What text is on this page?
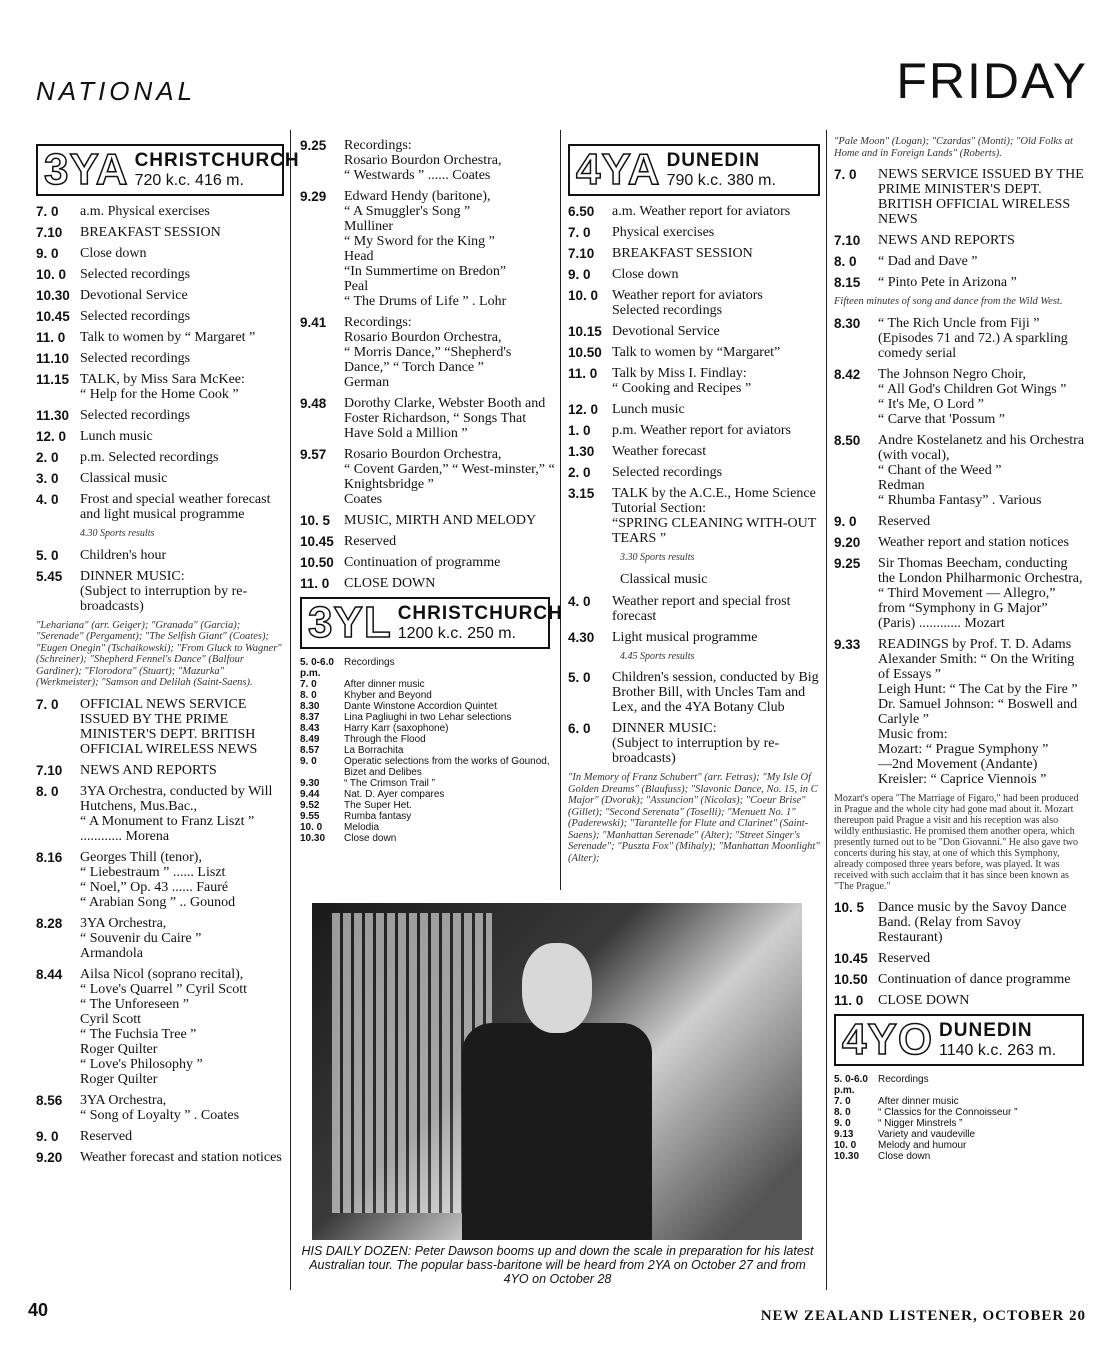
NATIONAL	FRIDAY
3YA CHRISTCHURCH
720 k.c. 416 m.
7. 0	a.m. Physical exercises
7.10	BREAKFAST SESSION
9. 0	Close down
10. 0 Selected recordings
10.30 Devotional Service
10.45 Selected recordings
11. 0	Talk to women by “ Margaret ”
11.10 Selected recordings
11.15 TALK, by Miss Sara McKee:
“ Help for the Home Cook ”
11.30 Selected recordings
12. 0 Lunch music
2. 0	p.m. Selected recordings
3. 0	Classical music
4. 0	Frost and special weather forecast and light musical programme
4.30 Sports results
5. 0	Children's hour
5.45	DINNER MUSIC:
(Subject to interruption by re-broadcasts)
"Lehariana" (arr. Geiger); "Granada" (Garcia); "Serenade" (Pergament); "The Selfish Giant" (Coates); "Eugen Onegin" (Tschaikowski); "From Gluck to Wagner" (Schreiner); "Shepherd Fennel's Dance" (Balfour Gardiner); "Florodora" (Stuart); "Mazurka" (Werkmeister); "Samson and Delilah (Saint-Saens).
7. 0	OFFICIAL NEWS SERVICE ISSUED BY THE PRIME MINISTER'S DEPT. BRITISH OFFICIAL WIRELESS NEWS
7.10	NEWS AND REPORTS
8. 0	3YA Orchestra, conducted by Will Hutchens, Mus.Bac.,
“ A Monument to Franz Liszt ” ............ Morena
8.16	Georges Thill (tenor),
“ Liebestraum ” ...... Liszt
“ Noel,” Op. 43 ...... Fauré
“ Arabian Song ” .. Gounod
8.28	3YA Orchestra,
“ Souvenir du Caire ”
Armandola
8.44	Ailsa Nicol (soprano recital),
“ Love's Quarrel ” Cyril Scott
“ The Unforeseen ”
Cyril Scott
“ The Fuchsia Tree ”
Roger Quilter
“ Love's Philosophy ”
Roger Quilter
8.56	3YA Orchestra,
“ Song of Loyalty ” . Coates
9. 0	Reserved
9.20	Weather forecast and station notices
9.25	Recordings:
Rosario Bourdon Orchestra,
“ Westwards ” ...... Coates
9.29	Edward Hendy (baritone),
“ A Smuggler's Song ”
Mulliner
“ My Sword for the King ”
Head
“In Summertime on Bredon”
Peal
“ The Drums of Life ” . Lohr
9.41	Recordings:
Rosario Bourdon Orchestra,
“ Morris Dance,” “Shepherd's Dance,” “ Torch Dance ”
German
9.48	Dorothy Clarke, Webster Booth and Foster Richardson, “ Songs That Have Sold a Million ”
9.57	Rosario Bourdon Orchestra,
“ Covent Garden,” “ West-minster,” “ Knightsbridge ”
Coates
10. 5 MUSIC, MIRTH AND MELODY
10.45 Reserved
10.50 Continuation of programme
11. 0	CLOSE DOWN
3YL CHRISTCHURCH
1200 k.c. 250 m.
5. 0-6.0 p.m.
Recordings
7. 0	After dinner music
8. 0	Khyber and Beyond
8.30	Dante Winstone Accordion Quintet
8.37	Lina Pagliughi in two Lehar selections
8.43	Harry Karr (saxophone)
8.49	Through the Flood
8.57	La Borrachita
9. 0	Operatic selections from the works of Gounod, Bizet and Delibes
9.30	“ The Crimson Trail ”
9.44	Nat. D. Ayer compares
9.52	The Super Het.
9.55	Rumba fantasy
10. 0	Melodia
10.30	Close down
4YA DUNEDIN
790 k.c. 380 m.
6.50	a.m. Weather report for aviators
7. 0	Physical exercises
7.10	BREAKFAST SESSION
9. 0	Close down
10. 0 Weather report for aviators
Selected recordings
10.15 Devotional Service
10.50 Talk to women by “Margaret”
11. 0	Talk by Miss I. Findlay:
“ Cooking and Recipes ”
12. 0 Lunch music
1. 0	p.m. Weather report for aviators
1.30	Weather forecast
2. 0	Selected recordings
3.15	TALK by the A.C.E., Home Science Tutorial Section:
“SPRING CLEANING WITH-OUT TEARS ”
3.30 Sports results
Classical music
4. 0	Weather report and special frost forecast
4.30	Light musical programme
4.45 Sports results
5. 0	Children's session, conducted by Big Brother Bill, with Uncles Tam and Lex, and the 4YA Botany Club
6. 0	DINNER MUSIC:
(Subject to interruption by re-broadcasts)
"In Memory of Franz Schubert" (arr. Fetras); "My Isle Of Golden Dreams" (Blaufuss); "Slavonic Dance, No. 15, in C Major" (Dvorak); "Assuncion" (Nicolas); "Coeur Brise" (Gillet); "Second Serenata" (Toselli); "Menuett No. 1" (Paderewski); "Tarantelle for Flute and Clarinet" (Saint-Saens); "Manhattan Serenade" (Alter); "Street Singer's Serenade"; "Puszta Fox" (Mihaly); "Manhattan Moonlight" (Alter);
"Pale Moon" (Logan); "Czardas" (Monti); "Old Folks at Home and in Foreign Lands" (Roberts).
7. 0	NEWS SERVICE ISSUED BY THE PRIME MINISTER'S DEPT. BRITISH OFFICIAL WIRELESS NEWS
7.10	NEWS AND REPORTS
8. 0	“ Dad and Dave ”
8.15	“ Pinto Pete in Arizona ”
Fifteen minutes of song and dance from the Wild West.
8.30	“ The Rich Uncle from Fiji ” (Episodes 71 and 72.) A sparkling comedy serial
8.42	The Johnson Negro Choir,
“ All God's Children Got Wings ”
“ It's Me, O Lord ”
“ Carve that 'Possum ”
8.50	Andre Kostelanetz and his Orchestra (with vocal),
“ Chant of the Weed ”
Redman
“ Rhumba Fantasy” . Various
9. 0	Reserved
9.20	Weather report and station notices
9.25	Sir Thomas Beecham, conducting the London Philharmonic Orchestra,
“ Third Movement — Allegro,” from “Symphony in G Major” (Paris) ............ Mozart
9.33	READINGS by Prof. T. D. Adams
Alexander Smith: “ On the Writing of Essays ”
Leigh Hunt: “ The Cat by the Fire ”
Dr. Samuel Johnson: “ Boswell and Carlyle ”
Music from:
Mozart: “ Prague Symphony ”
—2nd Movement (Andante)
Kreisler: “ Caprice Viennois ”
Mozart's opera "The Marriage of Figaro," had been produced in Prague and the whole city had gone mad about it. Mozart thereupon paid Prague a visit and his reception was also wildly enthusiastic. He promised them another opera, which presently turned out to be "Don Giovanni." He also gave two concerts during his stay, at one of which this Symphony, already composed three years before, was played. It was received with such acclaim that it has since been known as "The Prague."
10. 5 Dance music by the Savoy Dance Band. (Relay from Savoy Restaurant)
10.45 Reserved
10.50 Continuation of dance programme
11. 0	CLOSE DOWN
4YO DUNEDIN
1140 k.c. 263 m.
5. 0-6.0 p.m.
Recordings
7. 0	After dinner music
8. 0	“ Classics for the Connoisseur ”
9. 0	“ Nigger Minstrels ”
9.13	Variety and vaudeville
10. 0	Melody and humour
10.30	Close down
HIS DAILY DOZEN: Peter Dawson booms up and down the scale in preparation for his latest Australian tour. The popular bass-baritone will be heard from 2YA on October 27 and from 4YO on October 28
40	NEW ZEALAND LISTENER, OCTOBER 20
